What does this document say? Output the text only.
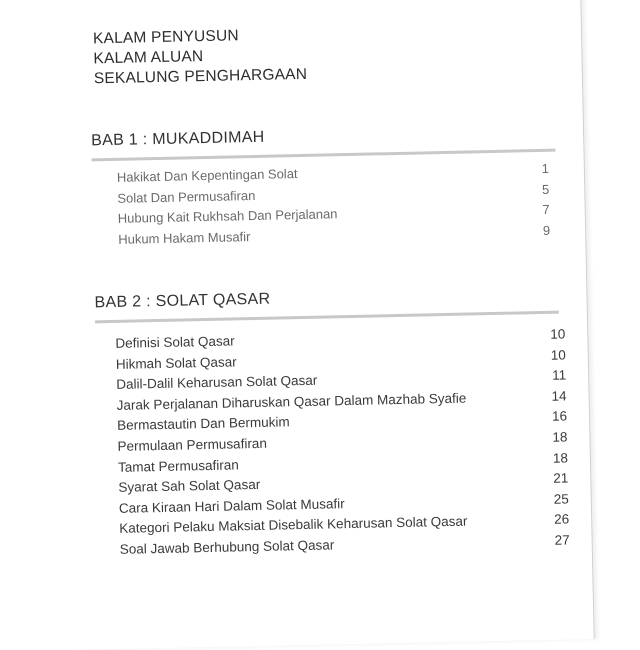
KALAM PENYUSUN
KALAM ALUAN
SEKALUNG PENGHARGAAN
BAB 1 : MUKADDIMAH
Hakikat Dan Kepentingan Solat	1
Solat Dan Permusafiran	5
Hubung Kait Rukhsah Dan Perjalanan	7
Hukum Hakam Musafir	9
BAB 2 : SOLAT QASAR
Definisi Solat Qasar	10
Hikmah Solat Qasar	10
Dalil-Dalil Keharusan Solat Qasar	11
Jarak Perjalanan Diharuskan Qasar Dalam Mazhab Syafie	14
Bermastautin Dan Bermukim	16
Permulaan Permusafiran	18
Tamat Permusafiran	18
Syarat Sah Solat Qasar	21
Cara Kiraan Hari Dalam Solat Musafir	25
Kategori Pelaku Maksiat Disebalik Keharusan Solat Qasar	26
Soal Jawab Berhubung Solat Qasar	27
